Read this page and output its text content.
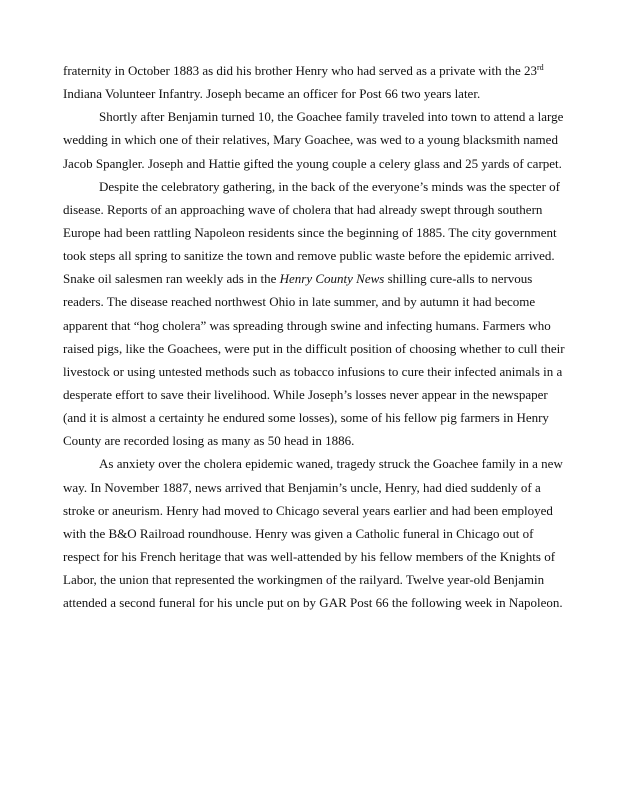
fraternity in October 1883 as did his brother Henry who had served as a private with the 23rd
Indiana Volunteer Infantry. Joseph became an officer for Post 66 two years later.
Shortly after Benjamin turned 10, the Goachee family traveled into town to attend a large
wedding in which one of their relatives, Mary Goachee, was wed to a young blacksmith named
Jacob Spangler. Joseph and Hattie gifted the young couple a celery glass and 25 yards of carpet.
Despite the celebratory gathering, in the back of the everyone’s minds was the specter of
disease. Reports of an approaching wave of cholera that had already swept through southern
Europe had been rattling Napoleon residents since the beginning of 1885. The city government
took steps all spring to sanitize the town and remove public waste before the epidemic arrived.
Snake oil salesmen ran weekly ads in the Henry County News shilling cure-alls to nervous
readers. The disease reached northwest Ohio in late summer, and by autumn it had become
apparent that “hog cholera” was spreading through swine and infecting humans. Farmers who
raised pigs, like the Goachees, were put in the difficult position of choosing whether to cull their
livestock or using untested methods such as tobacco infusions to cure their infected animals in a
desperate effort to save their livelihood. While Joseph’s losses never appear in the newspaper
(and it is almost a certainty he endured some losses), some of his fellow pig farmers in Henry
County are recorded losing as many as 50 head in 1886.
As anxiety over the cholera epidemic waned, tragedy struck the Goachee family in a new
way. In November 1887, news arrived that Benjamin’s uncle, Henry, had died suddenly of a
stroke or aneurism. Henry had moved to Chicago several years earlier and had been employed
with the B&O Railroad roundhouse. Henry was given a Catholic funeral in Chicago out of
respect for his French heritage that was well-attended by his fellow members of the Knights of
Labor, the union that represented the workingmen of the railyard. Twelve year-old Benjamin
attended a second funeral for his uncle put on by GAR Post 66 the following week in Napoleon.
